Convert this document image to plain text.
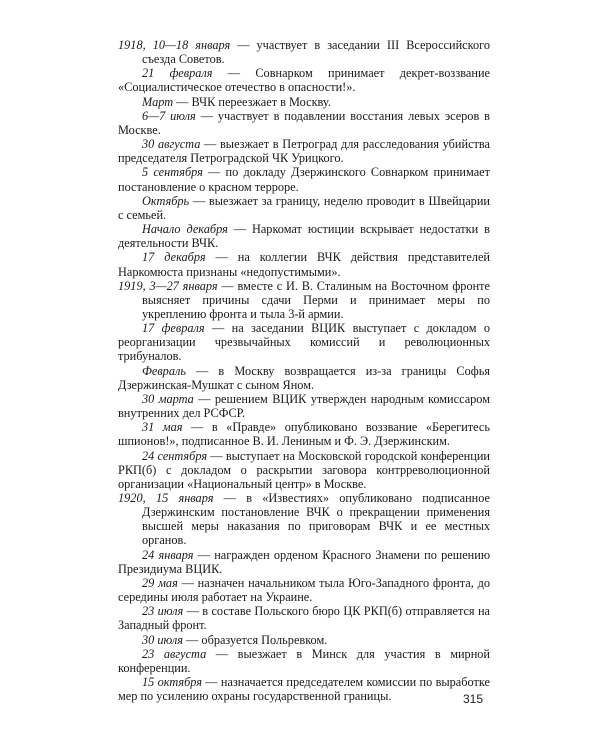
1918, 10—18 января — участвует в заседании III Всероссийского съезда Советов.

21 февраля — Совнарком принимает декрет-воззвание «Социалистическое отечество в опасности!».

Март — ВЧК переезжает в Москву.

6—7 июля — участвует в подавлении восстания левых эсеров в Москве.

30 августа — выезжает в Петроград для расследования убийства председателя Петроградской ЧК Урицкого.

5 сентября — по докладу Дзержинского Совнарком принимает постановление о красном терроре.

Октябрь — выезжает за границу, неделю проводит в Швейцарии с семьей.

Начало декабря — Наркомат юстиции вскрывает недостатки в деятельности ВЧК.

17 декабря — на коллегии ВЧК действия представителей Наркомюста признаны «недопустимыми».

1919, 3—27 января — вместе с И. В. Сталиным на Восточном фронте выясняет причины сдачи Перми и принимает меры по укреплению фронта и тыла 3-й армии.

17 февраля — на заседании ВЦИК выступает с докладом о реорганизации чрезвычайных комиссий и революционных трибуналов.

Февраль — в Москву возвращается из-за границы Софья Дзержинская-Мушкат с сыном Яном.

30 марта — решением ВЦИК утвержден народным комиссаром внутренних дел РСФСР.

31 мая — в «Правде» опубликовано воззвание «Берегитесь шпионов!», подписанное В. И. Лениным и Ф. Э. Дзержинским.

24 сентября — выступает на Московской городской конференции РКП(б) с докладом о раскрытии заговора контрреволюционной организации «Национальный центр» в Москве.

1920, 15 января — в «Известиях» опубликовано подписанное Дзержинским постановление ВЧК о прекращении применения высшей меры наказания по приговорам ВЧК и ее местных органов.

24 января — награжден орденом Красного Знамени по решению Президиума ВЦИК.

29 мая — назначен начальником тыла Юго-Западного фронта, до середины июля работает на Украине.

23 июля — в составе Польского бюро ЦК РКП(б) отправляется на Западный фронт.

30 июля — образуется Польревком.

23 августа — выезжает в Минск для участия в мирной конференции.

15 октября — назначается председателем комиссии по выработке мер по усилению охраны государственной границы.	315
